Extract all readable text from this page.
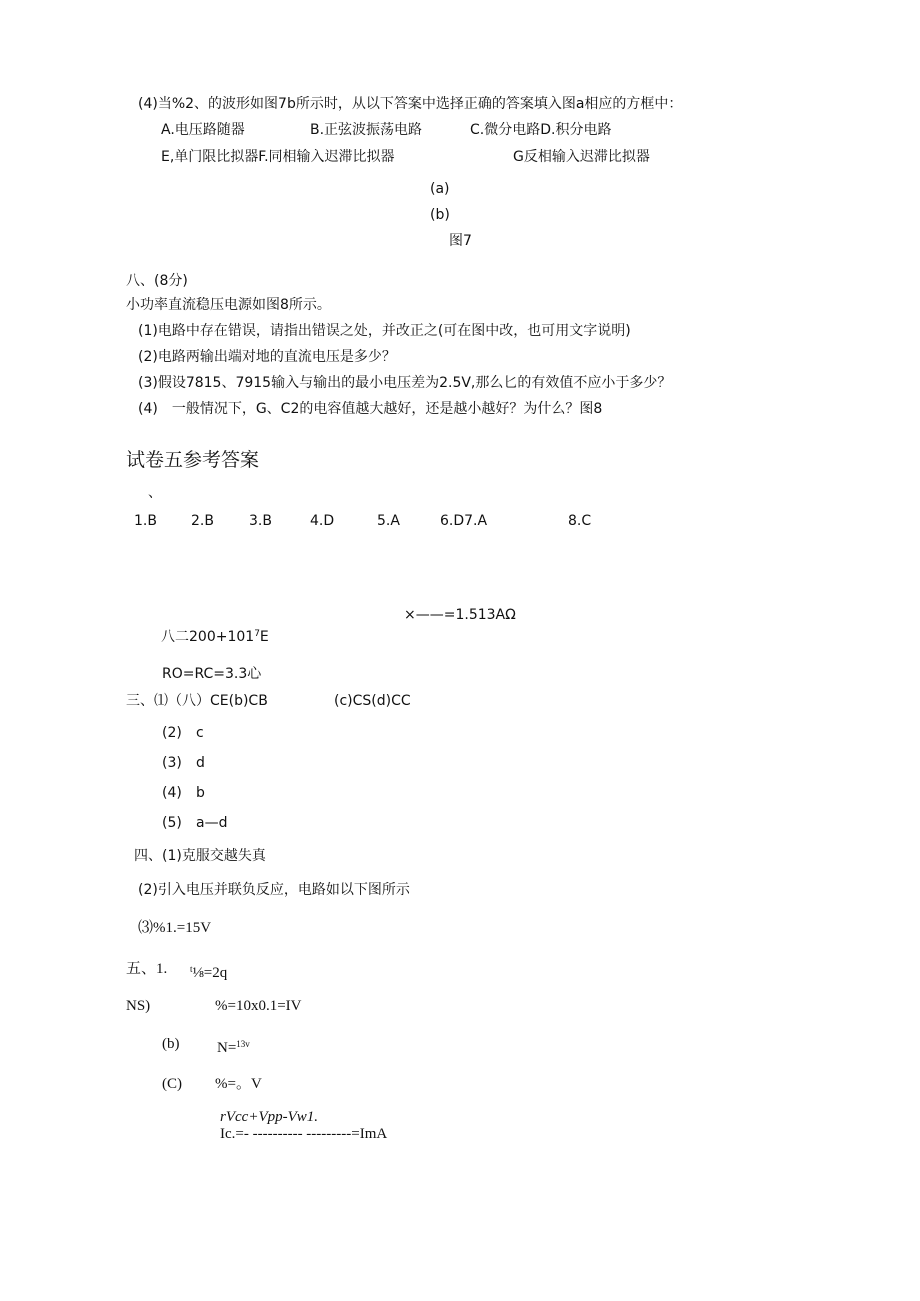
(4)当%2、的波形如图7b所示时，从以下答案中选择正确的答案填入图a相应的方框中：
A.电压路随器	B.正弦波振荡电路	C.微分电路D.积分电路
E,单门限比拟器F.同相输入迟滞比拟器	G反相输入迟滞比拟器
(a)
(b)
图7
八、(8分)
小功率直流稳压电源如图8所示。
(1)电路中存在错误，请指出错误之处，并改正之(可在图中改，也可用文字说明)
(2)电路两输出端对地的直流电压是多少？
(3)假设7815、7915输入与输出的最小电压差为2.5V,那么匕的有效值不应小于多少？
(4)　一般情况下，G、C2的电容值越大越好，还是越小越好？为什么？图8
试卷五参考答案
、
1.B 2.B	3.B	4.D	5.A	6.D7.A	8.C
×——=1.513AΩ
八二$200+101^7E$
RO=RC=3.3心
三、⑴（八）CE(b)CB	(c)CS(d)CC
(2) c
(3) d
(4) b
(5) a—d
四、(1)克服交越失真
(2)引入电压并联负反应，电路如以下图所示
⑶%1.=15V
五、1.	$^t$⅛=2q
NS)	%=10x0.1=IV
(b)	N=$^{13v}$
(C) %=。V
rVcc+Vpp-Vw1.
Ic.=- ---------- ---------=ImA
